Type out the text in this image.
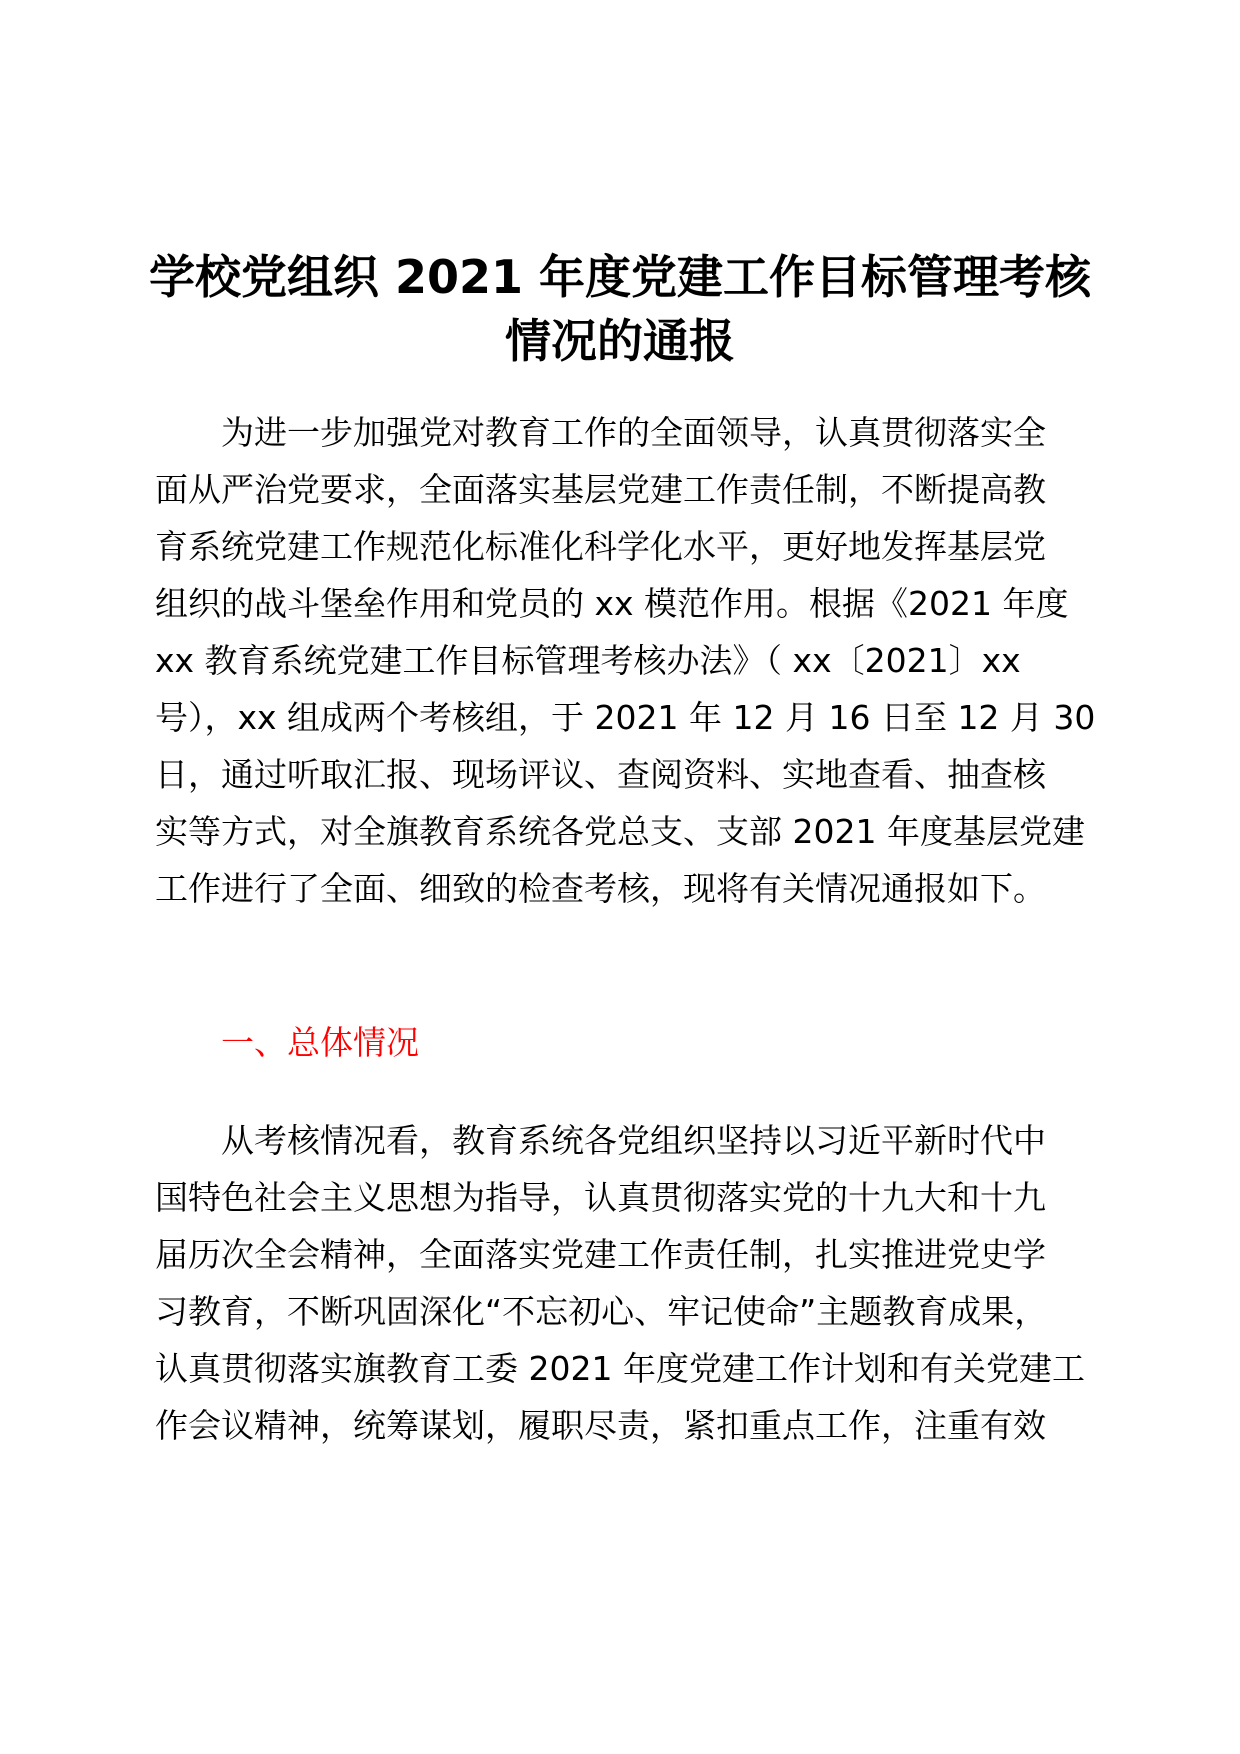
学校党组织 2021 年度党建工作目标管理考核
情况的通报
为进一步加强党对教育工作的全面领导，认真贯彻落实全
面从严治党要求，全面落实基层党建工作责任制，不断提高教
育系统党建工作规范化标准化科学化水平，更好地发挥基层党
组织的战斗堡垒作用和党员的 xx 模范作用。根据《2021 年度
xx 教育系统党建工作目标管理考核办法》（ xx〔2021〕xx
号），xx 组成两个考核组，于 2021 年 12 月 16 日至 12 月 30
日，通过听取汇报、现场评议、查阅资料、实地查看、抽查核
实等方式，对全旗教育系统各党总支、支部 2021 年度基层党建
工作进行了全面、细致的检查考核，现将有关情况通报如下。
一、总体情况
从考核情况看，教育系统各党组织坚持以习近平新时代中
国特色社会主义思想为指导，认真贯彻落实党的十九大和十九
届历次全会精神，全面落实党建工作责任制，扎实推进党史学
习教育，不断巩固深化“不忘初心、牢记使命”主题教育成果，
认真贯彻落实旗教育工委 2021 年度党建工作计划和有关党建工
作会议精神，统筹谋划，履职尽责，紧扣重点工作，注重有效
